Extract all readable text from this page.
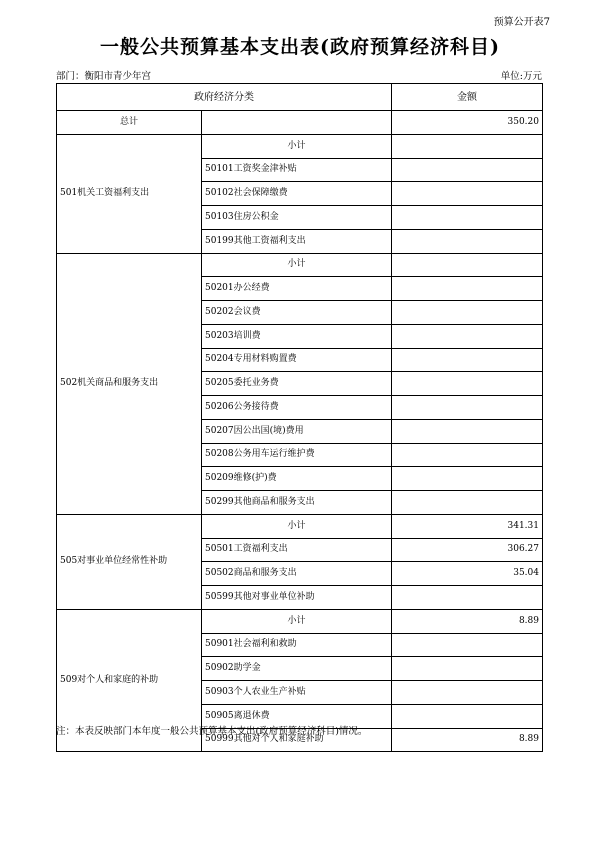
预算公开表7
一般公共预算基本支出表(政府预算经济科目)
部门：衡阳市青少年宫	单位:万元
政府经济分类		金额
总计		350.20
501机关工资福利支出	小计	
	50101工资奖金津补贴	
	50102社会保障缴费	
	50103住房公积金	
	50199其他工资福利支出	
502机关商品和服务支出	小计	
	50201办公经费	
	50202会议费	
	50203培训费	
	50204专用材料购置费	
	50205委托业务费	
	50206公务接待费	
	50207因公出国(境)费用	
	50208公务用车运行维护费	
	50209维修(护)费	
	50299其他商品和服务支出	
505对事业单位经常性补助	小计	341.31
	50501工资福利支出	306.27
	50502商品和服务支出	35.04
	50599其他对事业单位补助	
509对个人和家庭的补助	小计	8.89
	50901社会福利和救助	
	50902助学金	
	50903个人农业生产补贴	
	50905离退休费	
	50999其他对个人和家庭补助	8.89
注：本表反映部门本年度一般公共预算基本支出(政府预算经济科目)情况。
